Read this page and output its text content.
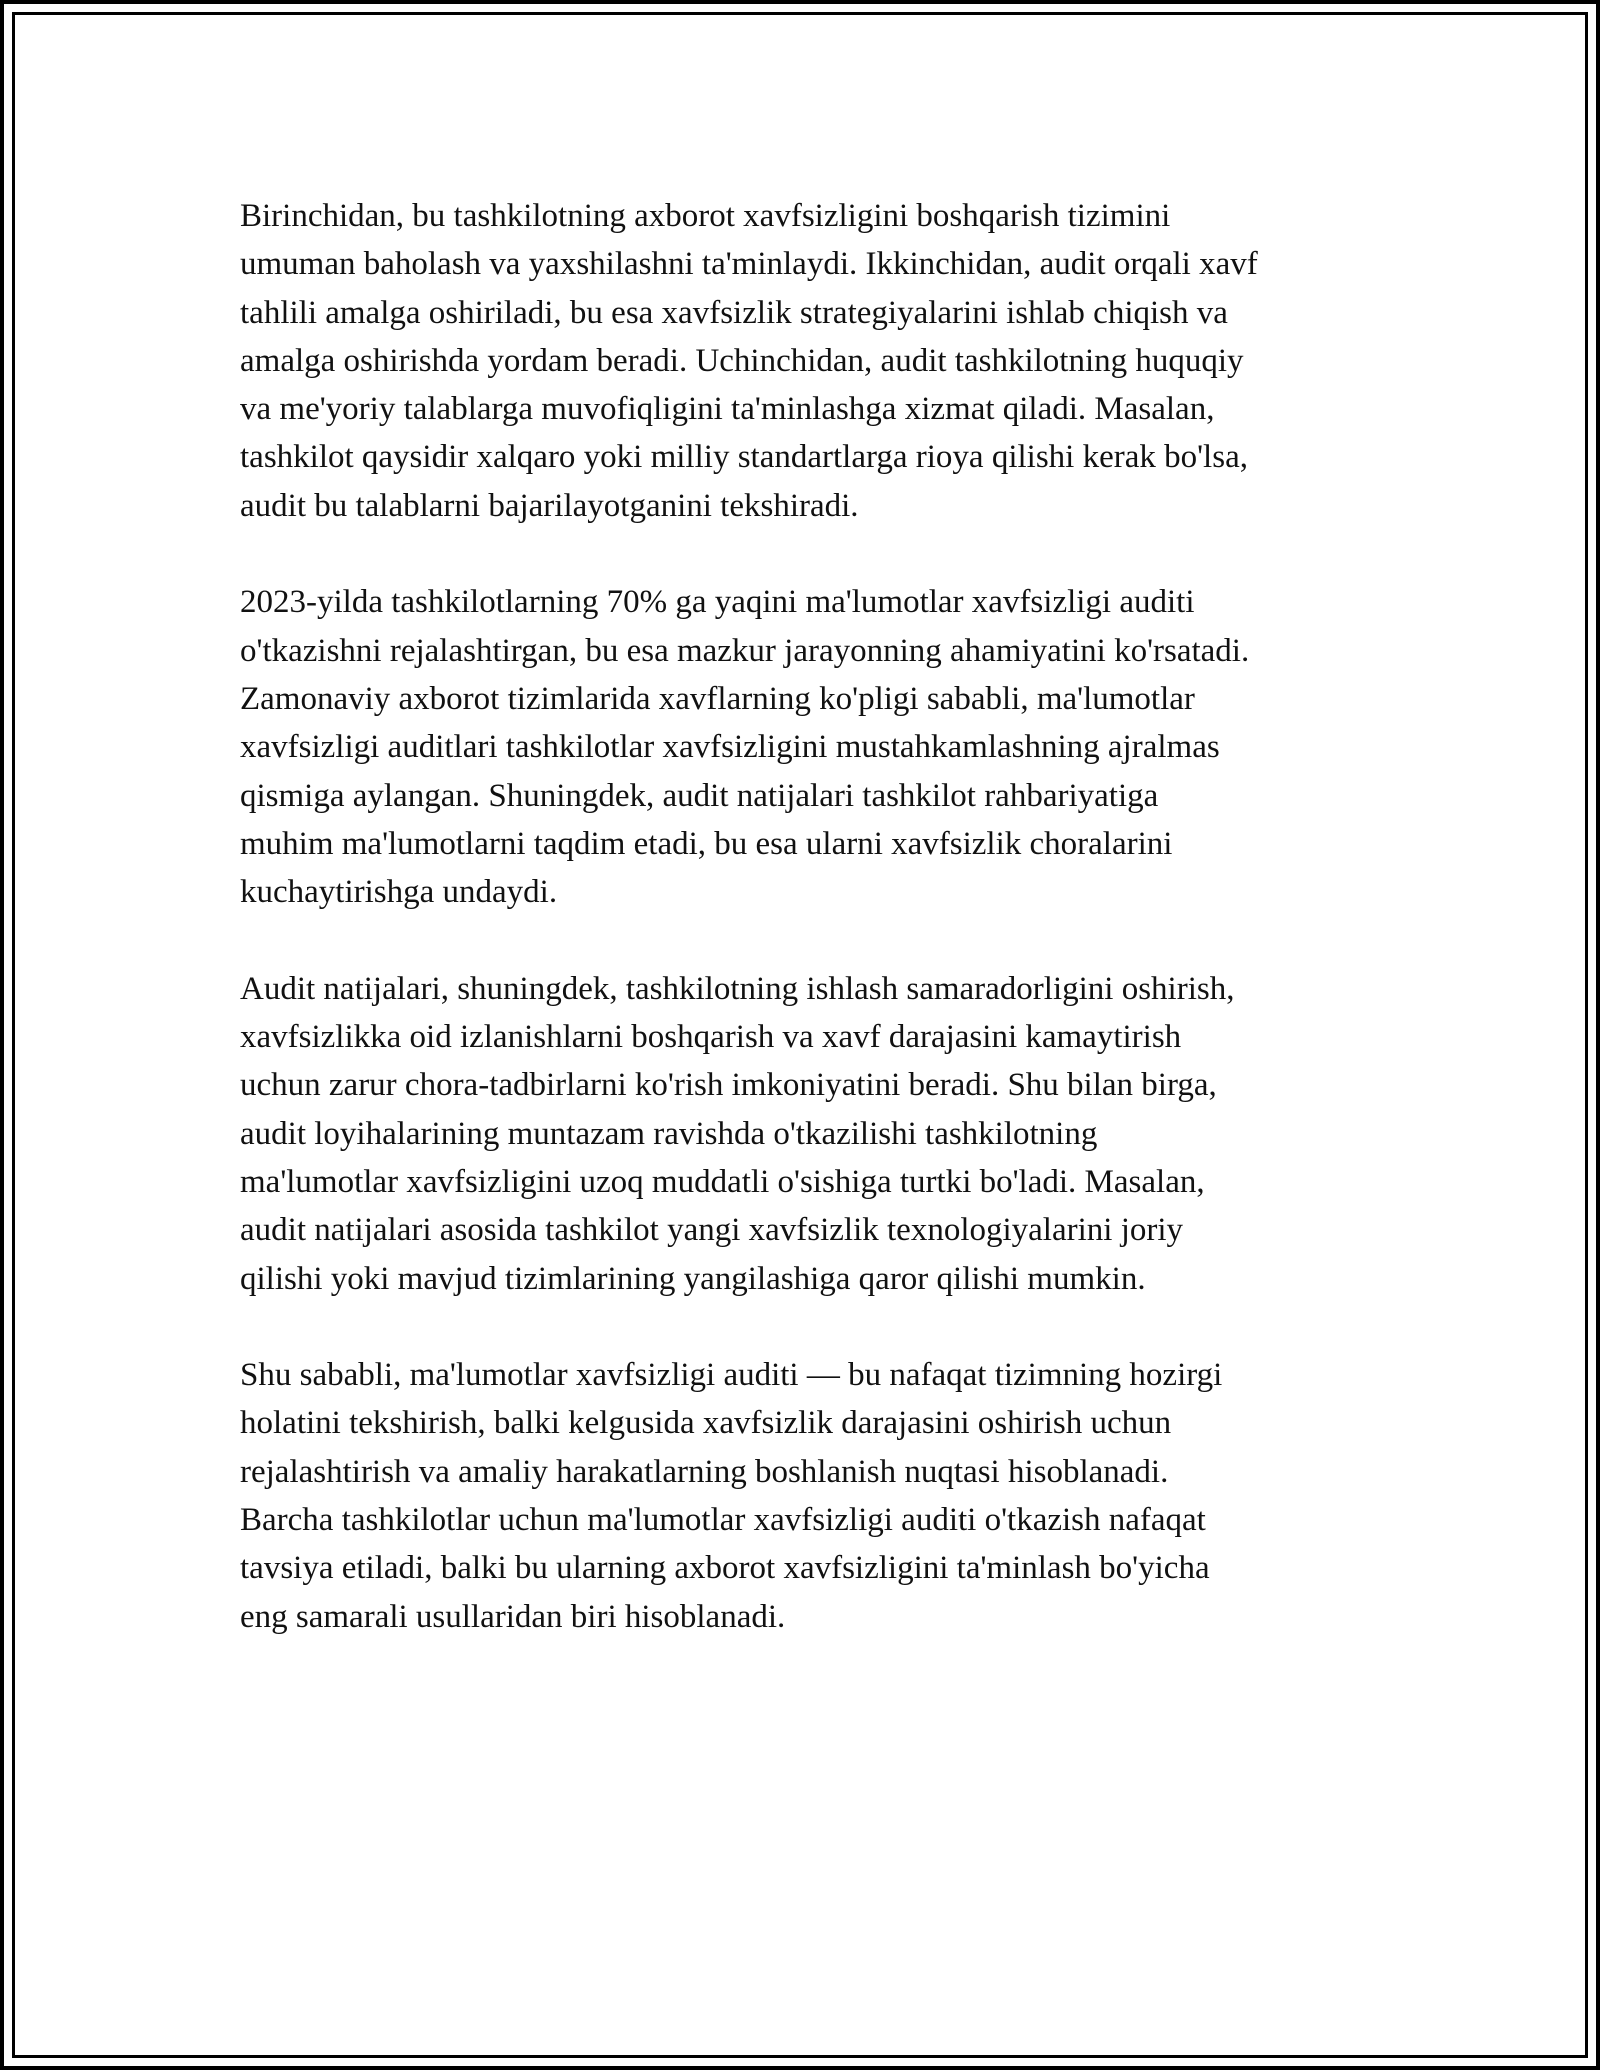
Birinchidan, bu tashkilotning axborot xavfsizligini boshqarish tizimini
umuman baholash va yaxshilashni ta'minlaydi. Ikkinchidan, audit orqali xavf
tahlili amalga oshiriladi, bu esa xavfsizlik strategiyalarini ishlab chiqish va
amalga oshirishda yordam beradi. Uchinchidan, audit tashkilotning huquqiy
va me'yoriy talablarga muvofiqligini ta'minlashga xizmat qiladi. Masalan,
tashkilot qaysidir xalqaro yoki milliy standartlarga rioya qilishi kerak bo'lsa,
audit bu talablarni bajarilayotganini tekshiradi.

2023-yilda tashkilotlarning 70% ga yaqini ma'lumotlar xavfsizligi auditi
o'tkazishni rejalashtirgan, bu esa mazkur jarayonning ahamiyatini ko'rsatadi.
Zamonaviy axborot tizimlarida xavflarning ko'pligi sababli, ma'lumotlar
xavfsizligi auditlari tashkilotlar xavfsizligini mustahkamlashning ajralmas
qismiga aylangan. Shuningdek, audit natijalari tashkilot rahbariyatiga
muhim ma'lumotlarni taqdim etadi, bu esa ularni xavfsizlik choralarini
kuchaytirishga undaydi.

Audit natijalari, shuningdek, tashkilotning ishlash samaradorligini oshirish,
xavfsizlikka oid izlanishlarni boshqarish va xavf darajasini kamaytirish
uchun zarur chora-tadbirlarni ko'rish imkoniyatini beradi. Shu bilan birga,
audit loyihalarining muntazam ravishda o'tkazilishi tashkilotning
ma'lumotlar xavfsizligini uzoq muddatli o'sishiga turtki bo'ladi. Masalan,
audit natijalari asosida tashkilot yangi xavfsizlik texnologiyalarini joriy
qilishi yoki mavjud tizimlarining yangilashiga qaror qilishi mumkin.

Shu sababli, ma'lumotlar xavfsizligi auditi — bu nafaqat tizimning hozirgi
holatini tekshirish, balki kelgusida xavfsizlik darajasini oshirish uchun
rejalashtirish va amaliy harakatlarning boshlanish nuqtasi hisoblanadi.
Barcha tashkilotlar uchun ma'lumotlar xavfsizligi auditi o'tkazish nafaqat
tavsiya etiladi, balki bu ularning axborot xavfsizligini ta'minlash bo'yicha
eng samarali usullaridan biri hisoblanadi.
